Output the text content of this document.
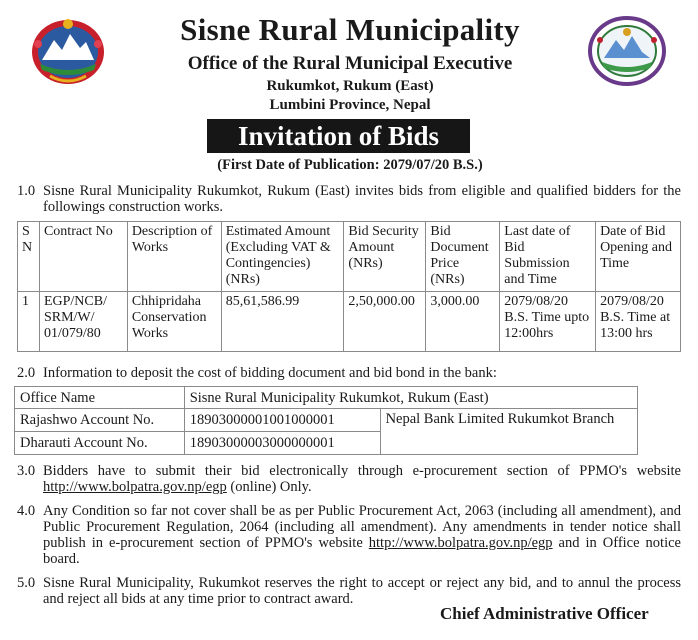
Sisne Rural Municipality
Office of the Rural Municipal Executive
Rukumkot, Rukum (East)
Lumbini Province, Nepal
Invitation of Bids
(First Date of Publication: 2079/07/20 B.S.)
1.0 Sisne Rural Municipality Rukumkot, Rukum (East) invites bids from eligible and qualified bidders for the followings construction works.
S N	Contract No	Description of Works	Estimated Amount (Excluding VAT & Contingencies) (NRs)	Bid Security Amount (NRs)	Bid Document Price (NRs)	Last date of Bid Submission and Time	Date of Bid Opening and Time
1	EGP/NCB/ SRM/W/ 01/079/80	Chhipridaha Conservation Works	85,61,586.99	2,50,000.00	3,000.00	2079/08/20 B.S. Time upto 12:00hrs	2079/08/20 B.S. Time at 13:00 hrs
2.0 Information to deposit the cost of bidding document and bid bond in the bank:
Office Name	Sisne Rural Municipality Rukumkot, Rukum (East)	
Rajashwo Account No.	18903000001001000001	Nepal Bank Limited Rukumkot Branch
Dharauti Account No.	18903000003000000001	
3.0 Bidders have to submit their bid electronically through e-procurement section of PPMO's website http://www.bolpatra.gov.np/egp (online) Only.
4.0 Any Condition so far not cover shall be as per Public Procurement Act, 2063 (including all amendment), and Public Procurement Regulation, 2064 (including all amendment). Any amendments in tender notice shall publish in e-procurement section of PPMO's website http://www.bolpatra.gov.np/egp and in Office notice board.
5.0 Sisne Rural Municipality, Rukumkot reserves the right to accept or reject any bid, and to annul the process and reject all bids at any time prior to contract award.
Chief Administrative Officer
